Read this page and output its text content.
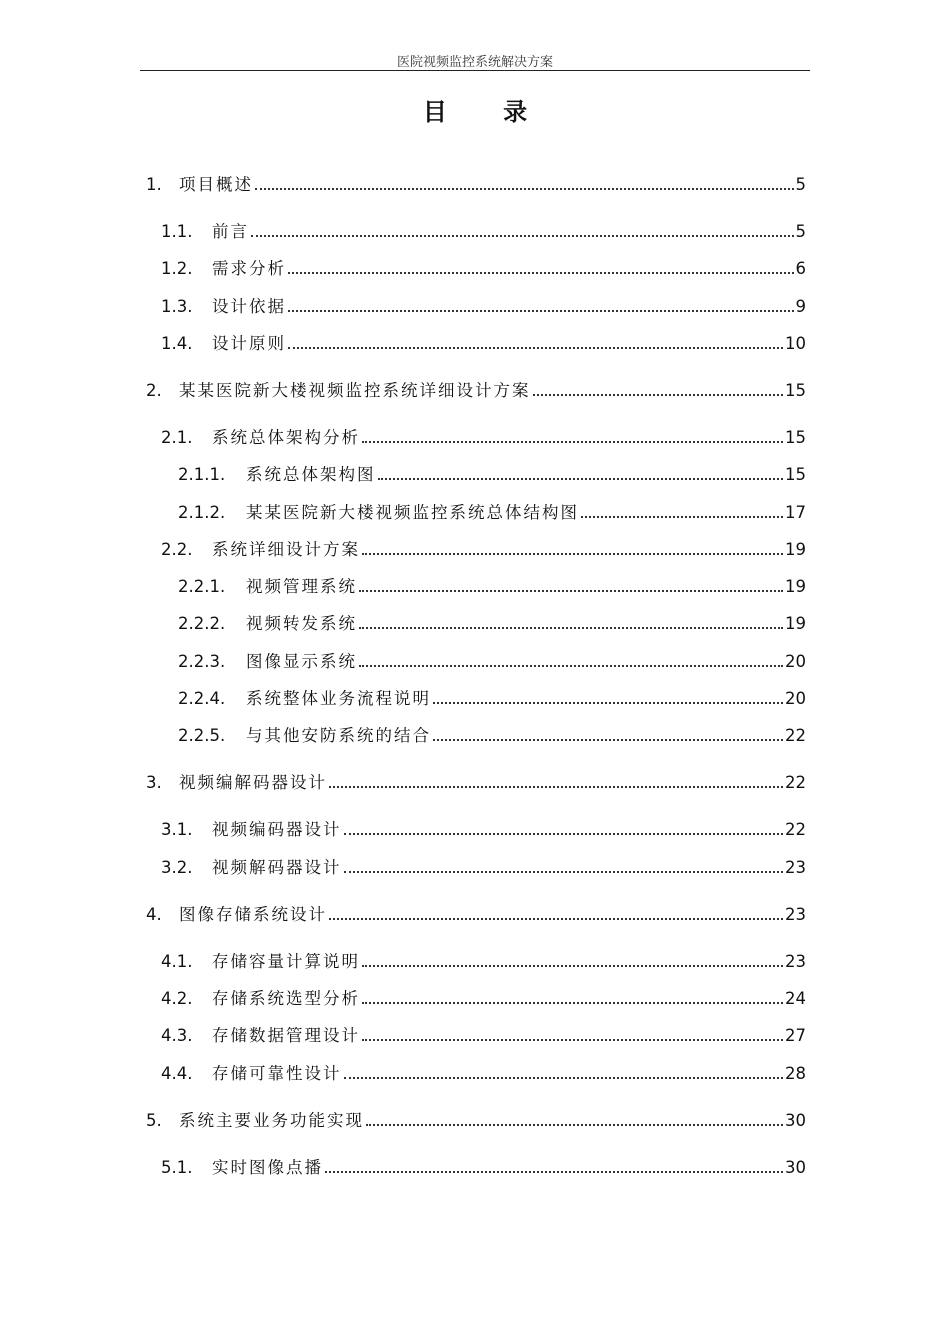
医院视频监控系统解决方案
目 录
1.	项目概述	5
1.1.	前言	5
1.2.	需求分析	6
1.3.	设计依据	9
1.4.	设计原则	10
2.	某某医院新大楼视频监控系统详细设计方案	15
2.1.	系统总体架构分析	15
2.1.1.	系统总体架构图	15
2.1.2.	某某医院新大楼视频监控系统总体结构图	17
2.2.	系统详细设计方案	19
2.2.1.	视频管理系统	19
2.2.2.	视频转发系统	19
2.2.3.	图像显示系统	20
2.2.4.	系统整体业务流程说明	20
2.2.5.	与其他安防系统的结合	22
3.	视频编解码器设计	22
3.1.	视频编码器设计	22
3.2.	视频解码器设计	23
4.	图像存储系统设计	23
4.1.	存储容量计算说明	23
4.2.	存储系统选型分析	24
4.3.	存储数据管理设计	27
4.4.	存储可靠性设计	28
5.	系统主要业务功能实现	30
5.1.	实时图像点播	30
